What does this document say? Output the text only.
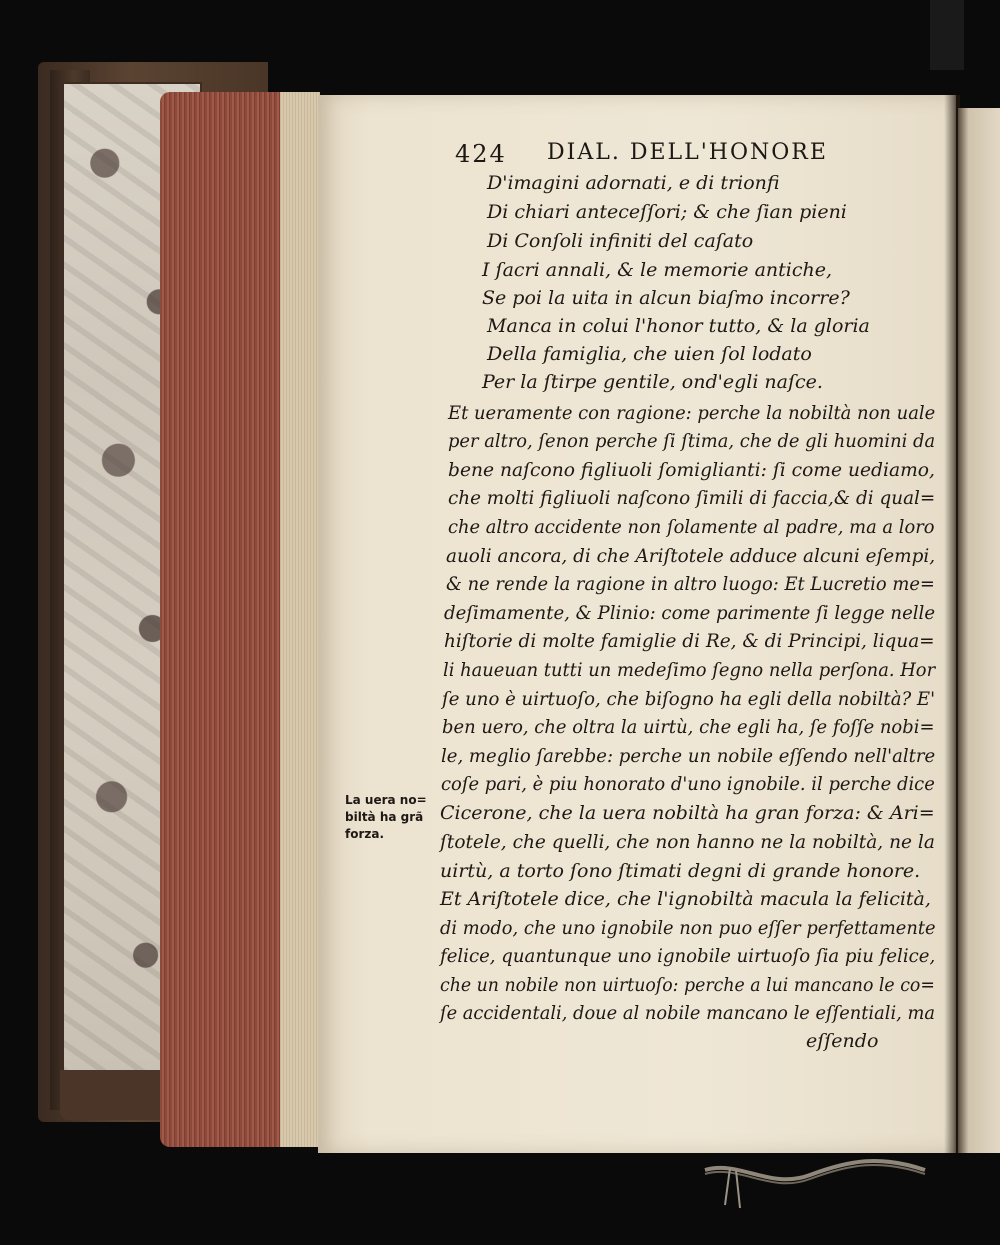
424 DIAL. DELL'HONORE
D'imagini adornati, e di trionfi
Di chiari anteceſſori; & che ſian pieni
Di Conſoli infiniti del caſato
I ſacri annali, & le memorie antiche,
Se poi la uita in alcun biaſmo incorre?
Manca in colui l'honor tutto, & la gloria
Della famiglia, che uien ſol lodato
Per la ſtirpe gentile, ond'egli naſce.
Et ueramente con ragione: perche la nobiltà non uale
per altro, ſenon perche ſi ſtima, che de gli huomini da
bene naſcono figliuoli ſomiglianti: ſi come uediamo,
che molti figliuoli naſcono ſimili di faccia,& di qual=
che altro accidente non ſolamente al padre, ma a loro
auoli ancora, di che Ariſtotele adduce alcuni eſempi,
& ne rende la ragione in altro luogo: Et Lucretio me=
deſimamente, & Plinio: come parimente ſi legge nelle
hiſtorie di molte famiglie di Re, & di Principi, liqua=
li haueuan tutti un medeſimo ſegno nella perſona. Hor
ſe uno è uirtuoſo, che biſogno ha egli della nobiltà? E'
ben uero, che oltra la uirtù, che egli ha, ſe foſſe nobi=
le, meglio ſarebbe: perche un nobile eſſendo nell'altre
coſe pari, è piu honorato d'uno ignobile. il perche dice
Cicerone, che la uera nobiltà ha gran forza: & Ari=
ſtotele, che quelli, che non hanno ne la nobiltà, ne la
uirtù, a torto ſono ſtimati degni di grande honore.
Et Ariſtotele dice, che l'ignobiltà macula la felicità,
di modo, che uno ignobile non puo eſſer perfettamente
felice, quantunque uno ignobile uirtuoſo ſia piu felice,
che un nobile non uirtuoſo: perche a lui mancano le co=
ſe accidentali, doue al nobile mancano le eſſentiali, ma
La uera no=
biltà ha grã
forza.
eſſendo
